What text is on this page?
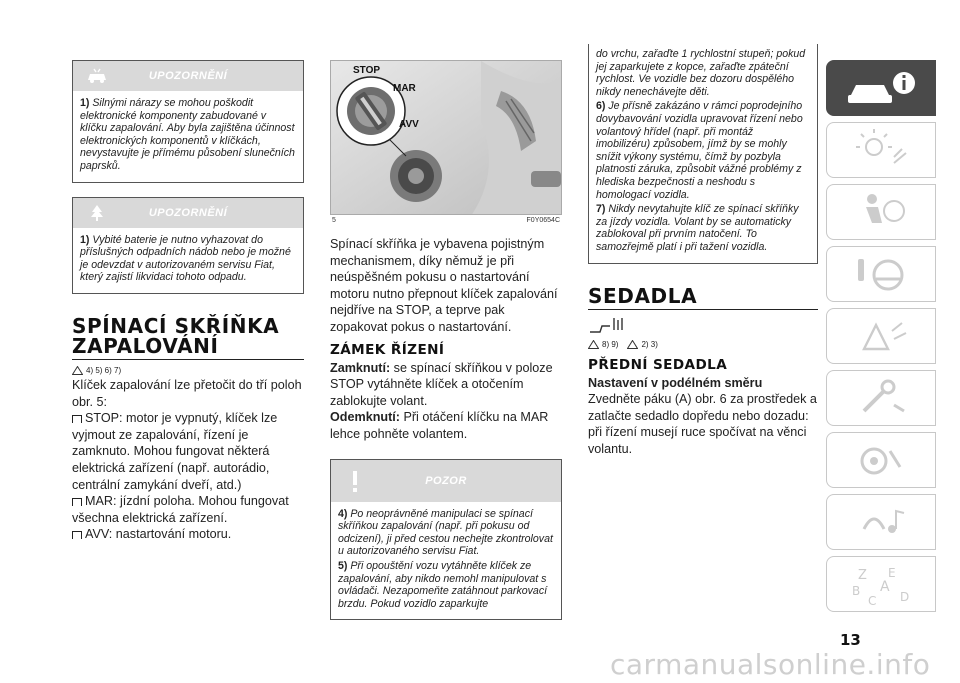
UPOZORNĚNÍ

1) Silnými nárazy se mohou poškodit elektronické komponenty zabudované v klíčku zapalování. Aby byla zajištěna účinnost elektronických komponentů v klíčkách, nevystavujte je přímému působení slunečních paprsků.

UPOZORNĚNÍ

1) Vybité baterie je nutno vyhazovat do příslušných odpadních nádob nebo je možné je odevzdat v autorizovaném servisu Fiat, který zajistí likvidaci tohoto odpadu.

SPÍNACÍ SKŘÍŇKA
ZAPALOVÁNÍ
4) 5) 6) 7)
Klíček zapalování lze přetočit do tří poloh obr. 5:
STOP: motor je vypnutý, klíček lze vyjmout ze zapalování, řízení je zamknuto. Mohou fungovat některá elektrická zařízení (např. autorádio, centrální zamykání dveří, atd.)
MAR: jízdní poloha. Mohou fungovat všechna elektrická zařízení.
AVV: nastartování motoru.
STOP
MAR
AVV
5	F0Y0654C
Spínací skříňka je vybavena pojistným mechanismem, díky němuž je při neúspěšném pokusu o nastartování motoru nutno přepnout klíček zapalování nejdříve na STOP, a teprve pak zopakovat pokus o nastartování.
ZÁMEK ŘÍZENÍ
Zamknutí: se spínací skříňkou v poloze STOP vytáhněte klíček a otočením zablokujte volant.
Odemknutí: Při otáčení klíčku na MAR lehce pohněte volantem.
POZOR

4) Po neoprávněné manipulaci se spínací skříňkou zapalování (např. při pokusu od odcizení), ji před cestou nechejte zkontrolovat u autorizovaného servisu Fiat.

5) Při opouštění vozu vytáhněte klíček ze zapalování, aby nikdo nemohl manipulovat s ovládači. Nezapomeňte zatáhnout parkovací brzdu. Pokud vozidlo zaparkujte

do vrchu, zařaďte 1 rychlostní stupeň; pokud jej zaparkujete z kopce, zařaďte zpáteční rychlost. Ve vozidle bez dozoru dospělého nikdy nenechávejte děti.

6) Je přísně zakázáno v rámci poprodejního dovybavování vozidla upravovat řízení nebo volantový hřídel (např. při montáž imobilizéru) způsobem, jímž by se mohly snížit výkony systému, čímž by pozbyla platnosti záruka, způsobit vážné problémy z hlediska bezpečnosti a neshodu s homologací vozidla.

7) Nikdy nevytahujte klíč ze spínací skříňky za jízdy vozidla. Volant by se automaticky zablokoval při prvním natočení. To samozřejmě platí i při tažení vozidla.

SEDADLA
8) 9)	2) 3)
PŘEDNÍ SEDADLA
Nastavení v podélném směru
Zvedněte páku (A) obr. 6 za prostředek a zatlačte sedadlo dopředu nebo dozadu: při řízení musejí ruce spočívat na věnci volantu.
Z E
B A
C D
13
carmanualsonline.info
